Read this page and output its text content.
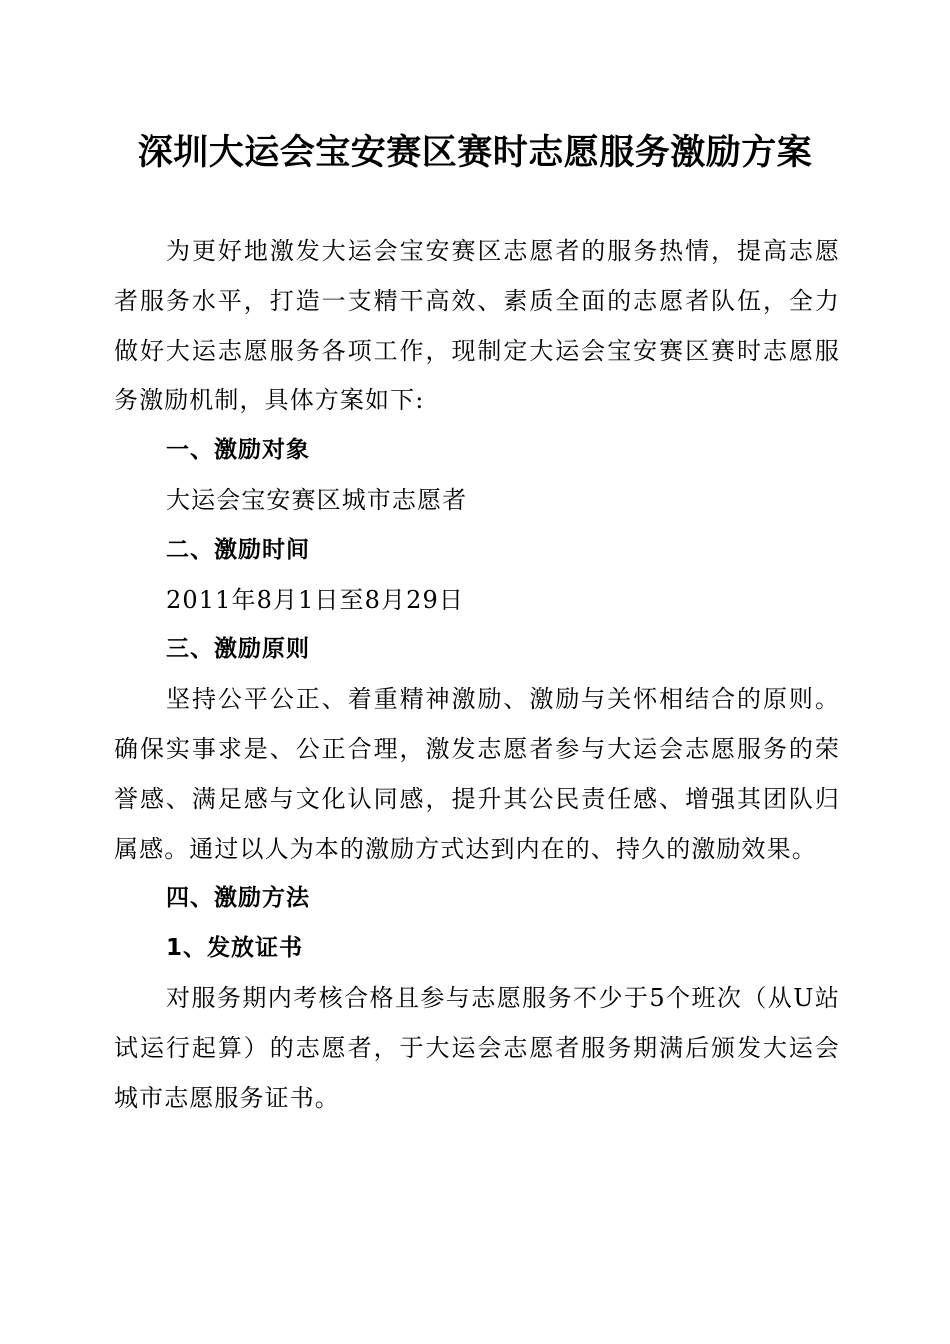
深圳大运会宝安赛区赛时志愿服务激励方案

为更好地激发大运会宝安赛区志愿者的服务热情，提高志愿者服务水平，打造一支精干高效、素质全面的志愿者队伍，全力做好大运志愿服务各项工作，现制定大运会宝安赛区赛时志愿服务激励机制，具体方案如下:

一、激励对象

大运会宝安赛区城市志愿者

二、激励时间

2011年8月1日至8月29日

三、激励原则

坚持公平公正、着重精神激励、激励与关怀相结合的原则。确保实事求是、公正合理，激发志愿者参与大运会志愿服务的荣誉感、满足感与文化认同感，提升其公民责任感、增强其团队归属感。通过以人为本的激励方式达到内在的、持久的激励效果。

四、激励方法

1、发放证书

对服务期内考核合格且参与志愿服务不少于5个班次（从U站试运行起算）的志愿者，于大运会志愿者服务期满后颁发大运会城市志愿服务证书。
